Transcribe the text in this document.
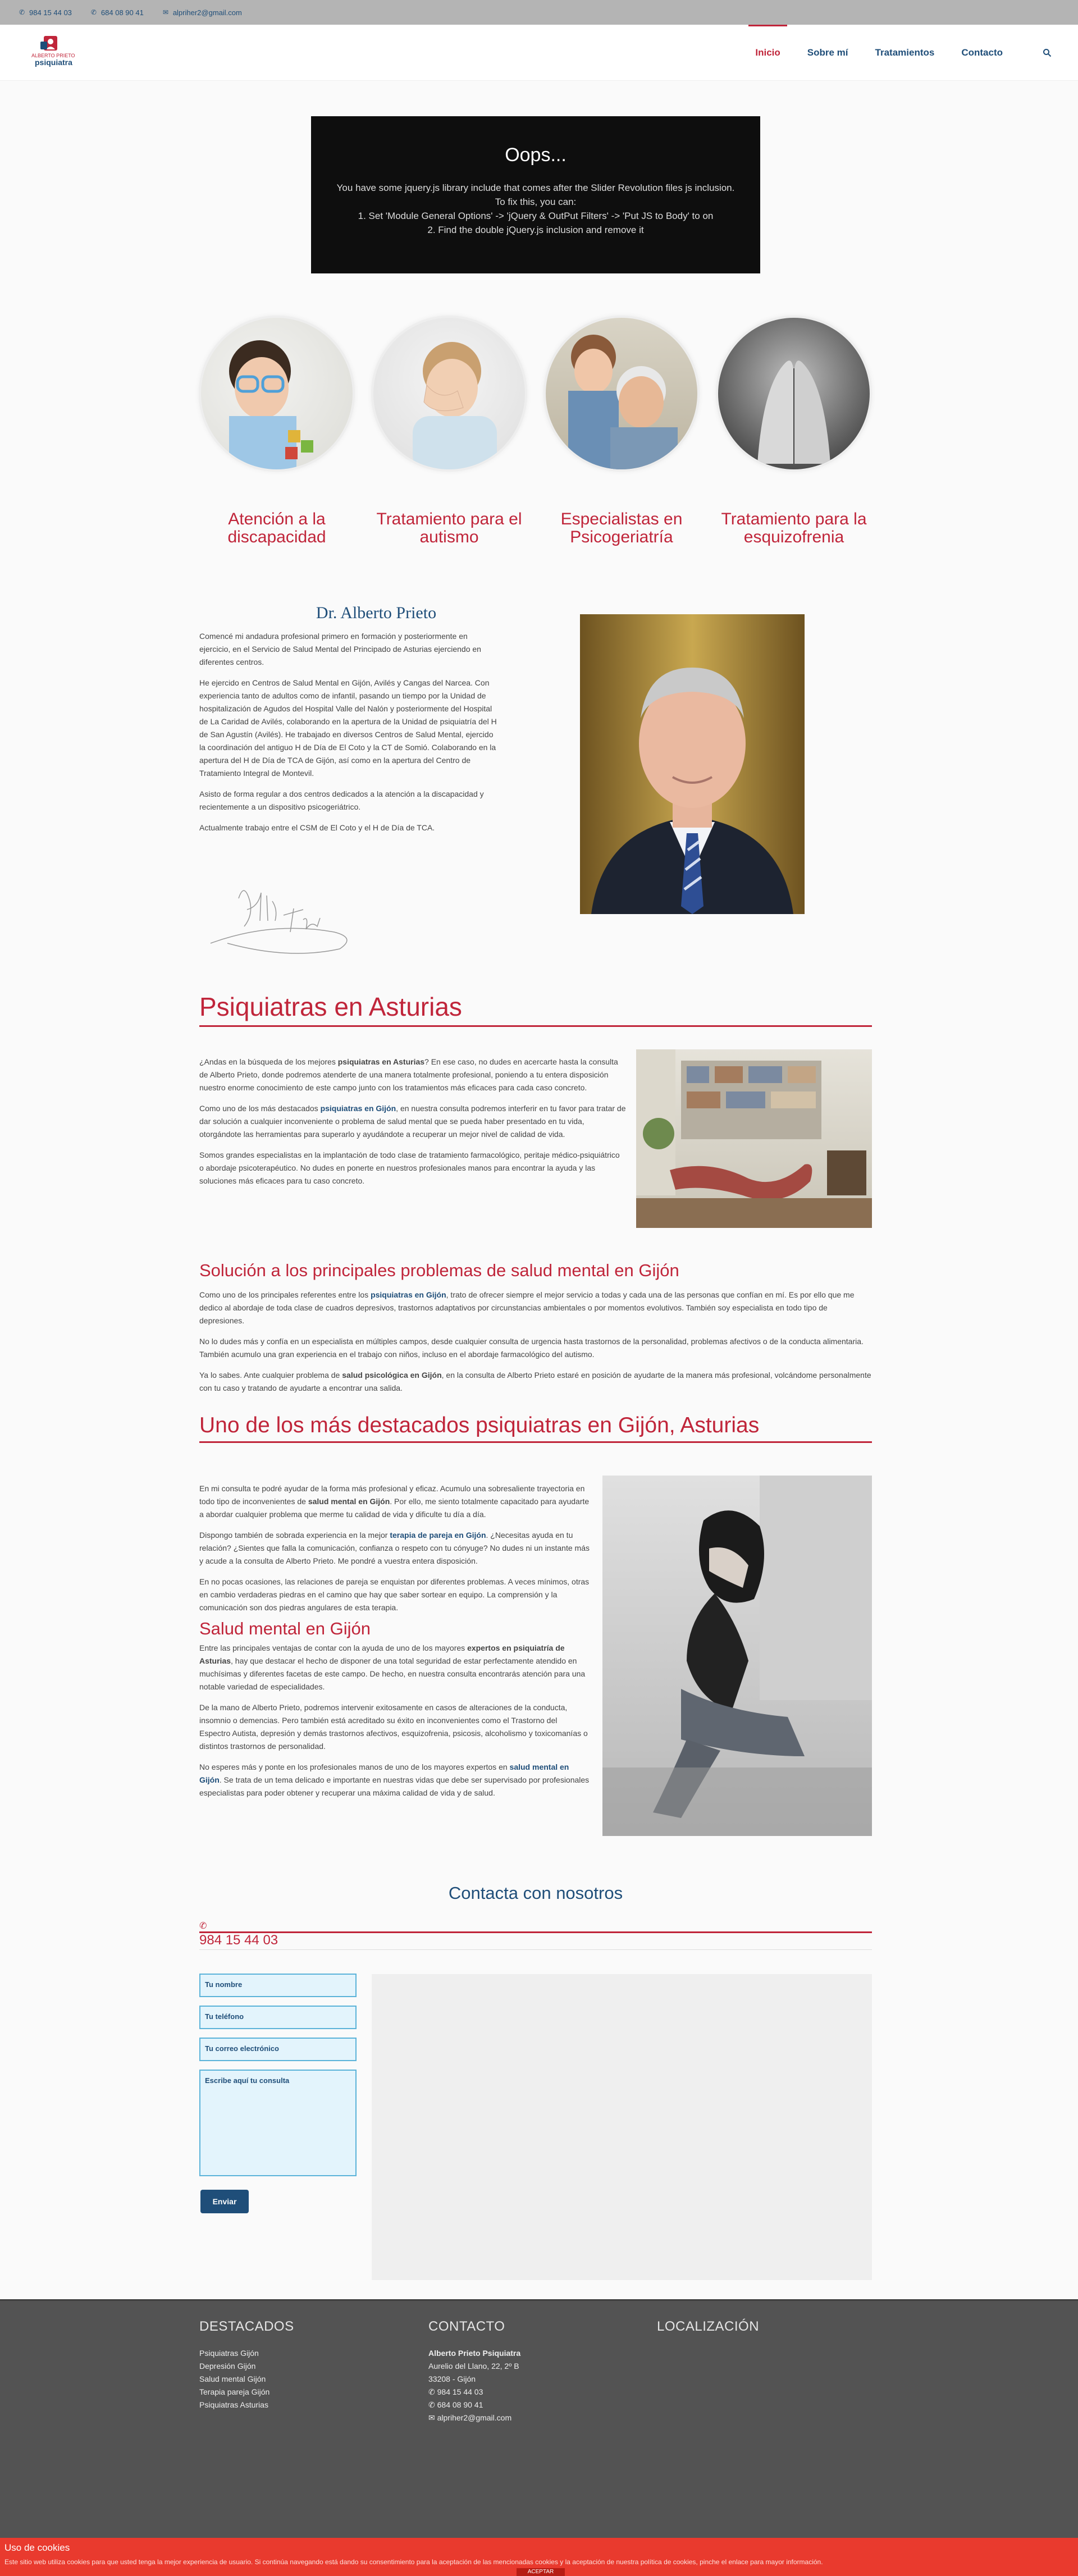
✆ 984 15 44 03	✆ 684 08 90 41	✉ alpriher2@gmail.com
ALBERTO PRIETO
psiquiatra
Inicio	Sobre mí	Tratamientos	Contacto
Oops...

You have some jquery.js library include that comes after the Slider Revolution files js inclusion.

To fix this, you can:

1. Set 'Module General Options' -> 'jQuery & OutPut Filters' -> 'Put JS to Body' to on

2. Find the double jQuery.js inclusion and remove it

Atención a la
discapacidad
Tratamiento para el
autismo
Especialistas en
Psicogeriatría
Tratamiento para la
esquizofrenia
Dr. Alberto Prieto

Comencé mi andadura profesional primero en formación y posteriormente en ejercicio, en el Servicio de Salud Mental del Principado de Asturias ejerciendo en diferentes centros.

He ejercido en Centros de Salud Mental en Gijón, Avilés y Cangas del Narcea. Con experiencia tanto de adultos como de infantil, pasando un tiempo por la Unidad de hospitalización de Agudos del Hospital Valle del Nalón y posteriormente del Hospital de La Caridad de Avilés, colaborando en la apertura de la Unidad de psiquiatría del H de San Agustín (Avilés). He trabajado en diversos Centros de Salud Mental, ejercido la coordinación del antiguo H de Día de El Coto y la CT de Somió. Colaborando en la apertura del H de Día de TCA de Gijón, así como en la apertura del Centro de Tratamiento Integral de Montevil.

Asisto de forma regular a dos centros dedicados a la atención a la discapacidad y recientemente a un dispositivo psicogeriátrico.

Actualmente trabajo entre el CSM de El Coto y el H de Día de TCA.

Psiquiatras en Asturias

¿Andas en la búsqueda de los mejores psiquiatras en Asturias? En ese caso, no dudes en acercarte hasta la consulta de Alberto Prieto, donde podremos atenderte de una manera totalmente profesional, poniendo a tu entera disposición nuestro enorme conocimiento de este campo junto con los tratamientos más eficaces para cada caso concreto.

Como uno de los más destacados psiquiatras en Gijón, en nuestra consulta podremos interferir en tu favor para tratar de dar solución a cualquier inconveniente o problema de salud mental que se pueda haber presentado en tu vida, otorgándote las herramientas para superarlo y ayudándote a recuperar un mejor nivel de calidad de vida.

Somos grandes especialistas en la implantación de todo clase de tratamiento farmacológico, peritaje médico-psiquiátrico o abordaje psicoterapéutico. No dudes en ponerte en nuestros profesionales manos para encontrar la ayuda y las soluciones más eficaces para tu caso concreto.

Solución a los principales problemas de salud mental en Gijón

Como uno de los principales referentes entre los psiquiatras en Gijón, trato de ofrecer siempre el mejor servicio a todas y cada una de las personas que confían en mí. Es por ello que me dedico al abordaje de toda clase de cuadros depresivos, trastornos adaptativos por circunstancias ambientales o por momentos evolutivos. También soy especialista en todo tipo de depresiones.

No lo dudes más y confía en un especialista en múltiples campos, desde cualquier consulta de urgencia hasta trastornos de la personalidad, problemas afectivos o de la conducta alimentaria. También acumulo una gran experiencia en el trabajo con niños, incluso en el abordaje farmacológico del autismo.

Ya lo sabes. Ante cualquier problema de salud psicológica en Gijón, en la consulta de Alberto Prieto estaré en posición de ayudarte de la manera más profesional, volcándome personalmente con tu caso y tratando de ayudarte a encontrar una salida.

Uno de los más destacados psiquiatras en Gijón, Asturias

En mi consulta te podré ayudar de la forma más profesional y eficaz. Acumulo una sobresaliente trayectoria en todo tipo de inconvenientes de salud mental en Gijón. Por ello, me siento totalmente capacitado para ayudarte a abordar cualquier problema que merme tu calidad de vida y dificulte tu día a día.

Dispongo también de sobrada experiencia en la mejor terapia de pareja en Gijón. ¿Necesitas ayuda en tu relación? ¿Sientes que falla la comunicación, confianza o respeto con tu cónyuge? No dudes ni un instante más y acude a la consulta de Alberto Prieto. Me pondré a vuestra entera disposición.

En no pocas ocasiones, las relaciones de pareja se enquistan por diferentes problemas. A veces mínimos, otras en cambio verdaderas piedras en el camino que hay que saber sortear en equipo. La comprensión y la comunicación son dos piedras angulares de esta terapia.

Salud mental en Gijón

Entre las principales ventajas de contar con la ayuda de uno de los mayores expertos en psiquiatría de Asturias, hay que destacar el hecho de disponer de una total seguridad de estar perfectamente atendido en muchísimas y diferentes facetas de este campo. De hecho, en nuestra consulta encontrarás atención para una notable variedad de especialidades.

De la mano de Alberto Prieto, podremos intervenir exitosamente en casos de alteraciones de la conducta, insomnio o demencias. Pero también está acreditado su éxito en inconvenientes como el Trastorno del Espectro Autista, depresión y demás trastornos afectivos, esquizofrenia, psicosis, alcoholismo y toxicomanías o distintos trastornos de personalidad.

No esperes más y ponte en los profesionales manos de uno de los mayores expertos en salud mental en Gijón. Se trata de un tema delicado e importante en nuestras vidas que debe ser supervisado por profesionales especialistas para poder obtener y recuperar una máxima calidad de vida y de salud.

Contacta con nosotros
✆
984 15 44 03
Tu nombre
Tu teléfono
Tu correo electrónico
Escribe aquí tu consulta
Enviar
DESTACADOS
Psiquiatras Gijón
Depresión Gijón
Salud mental Gijón
Terapia pareja Gijón
Psiquiatras Asturias
CONTACTO
Alberto Prieto Psiquiatra
Aurelio del Llano, 22, 2º B
33208 - Gijón
✆ 984 15 44 03
✆ 684 08 90 41
✉ alpriher2@gmail.com
LOCALIZACIÓN
Uso de cookies
Este sitio web utiliza cookies para que usted tenga la mejor experiencia de usuario. Si continúa navegando está dando su consentimiento para la aceptación de las mencionadas cookies y la aceptación de nuestra política de cookies, pinche el enlace para mayor información.
ACEPTAR
